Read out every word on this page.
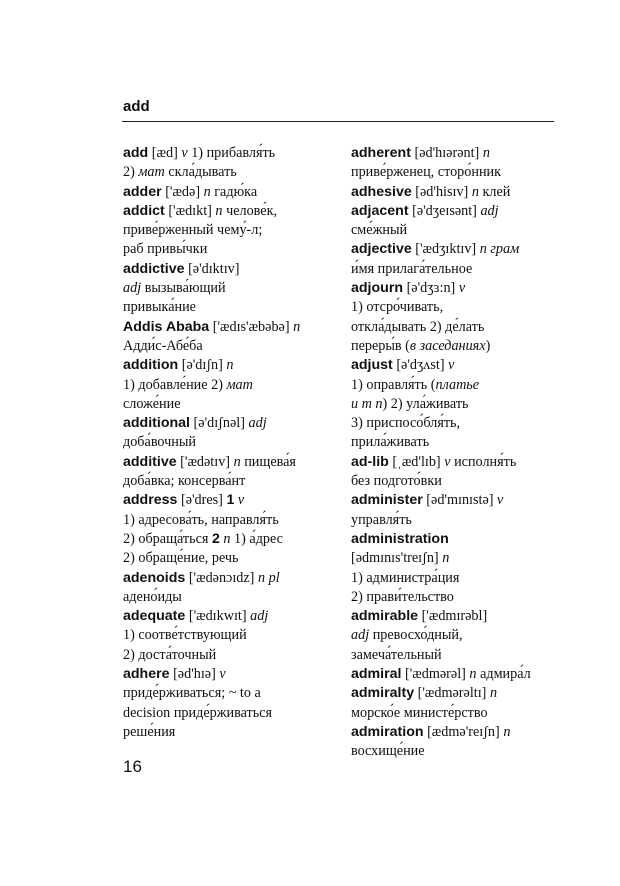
add
add [æd] v 1) прибавля́ть
2) мат скла́дывать
adder ['ædə] n гадю́ка
addict ['ædɪkt] n челове́к,
приве́рженный чему́-л;
раб привы́чки
addictive [ə'dɪktɪv]
adj вызыва́ющий
привыка́ние
Addis Ababa ['ædɪs'æbəbə] n
Адди́с-Абе́ба
addition [ə'dɪʃn] n
1) добавле́ние 2) мат
сложе́ние
additional [ə'dɪʃnəl] adj
доба́вочный
additive ['ædətɪv] n пищева́я
доба́вка; консерва́нт
address [ə'dres] 1 v
1) адресова́ть, направля́ть
2) обраща́ться 2 n 1) а́дрес
2) обраще́ние, речь
adenoids ['ædənɔɪdz] n pl
адено́иды
adequate ['ædɪkwɪt] adj
1) соотве́тствующий
2) доста́точный
adhere [əd'hɪə] v
приде́рживаться; ~ to a
decision приде́рживаться
реше́ния
adherent [əd'hɪərənt] n
приве́рженец, сторо́нник
adhesive [əd'hisɪv] n клей
adjacent [ə'dʒeɪsənt] adj
сме́жный
adjective ['ædʒɪktɪv] n грам
и́мя прилага́тельное
adjourn [ə'dʒɜ:n] v
1) отсро́чивать,
откла́дывать 2) де́лать
переры́в (в заседаниях)
adjust [ə'dʒʌst] v
1) оправля́ть (платье
и т п) 2) ула́живать
3) приспосо́бля́ть,
прила́живать
ad-lib [ˌæd'lɪb] v исполня́ть
без подгото́вки
administer [əd'mɪnɪstə] v
управля́ть
administration
[ədmɪnɪs'treɪʃn] n
1) администра́ция
2) прави́тельство
admirable ['ædmɪrəbl]
adj превосхо́дный,
замеча́тельный
admiral ['ædmərəl] n адмира́л
admiralty ['ædmərəltɪ] n
морско́е министе́рство
admiration [ædmə'reɪʃn] n
восхище́ние
16
